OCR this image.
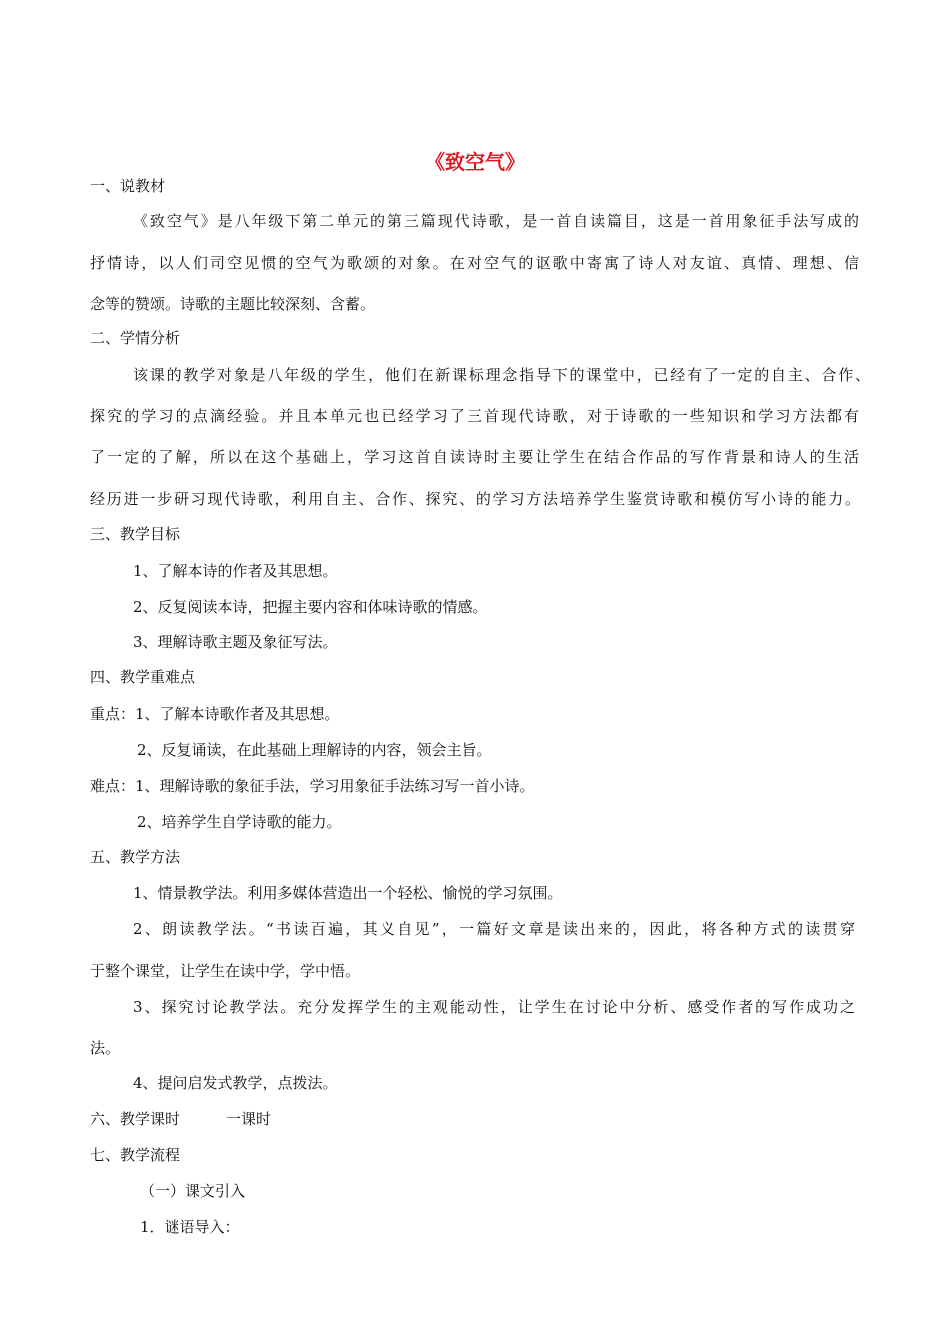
《致空气》
一、说教材
《致空气》是八年级下第二单元的第三篇现代诗歌，是一首自读篇目，这是一首用象征手法写成的
抒情诗，以人们司空见惯的空气为歌颂的对象。在对空气的讴歌中寄寓了诗人对友谊、真情、理想、信
念等的赞颂。诗歌的主题比较深刻、含蓄。
二、学情分析
该课的教学对象是八年级的学生，他们在新课标理念指导下的课堂中，已经有了一定的自主、合作、
探究的学习的点滴经验。并且本单元也已经学习了三首现代诗歌，对于诗歌的一些知识和学习方法都有
了一定的了解，所以在这个基础上，学习这首自读诗时主要让学生在结合作品的写作背景和诗人的生活
经历进一步研习现代诗歌，利用自主、合作、探究、的学习方法培养学生鉴赏诗歌和模仿写小诗的能力。
三、教学目标
1、了解本诗的作者及其思想。
2、反复阅读本诗，把握主要内容和体味诗歌的情感。
3、理解诗歌主题及象征写法。
四、教学重难点
重点：1、了解本诗歌作者及其思想。
2、反复诵读，在此基础上理解诗的内容，领会主旨。
难点：1、理解诗歌的象征手法，学习用象征手法练习写一首小诗。
2、培养学生自学诗歌的能力。
五、教学方法
1、情景教学法。利用多媒体营造出一个轻松、愉悦的学习氛围。
2、朗读教学法。“书读百遍，其义自见”，一篇好文章是读出来的，因此，将各种方式的读贯穿
于整个课堂，让学生在读中学，学中悟。
3、探究讨论教学法。充分发挥学生的主观能动性，让学生在讨论中分析、感受作者的写作成功之
法。
4、提问启发式教学，点拨法。
六、教学课时	一课时
七、教学流程
（一）课文引入
1．谜语导入：
